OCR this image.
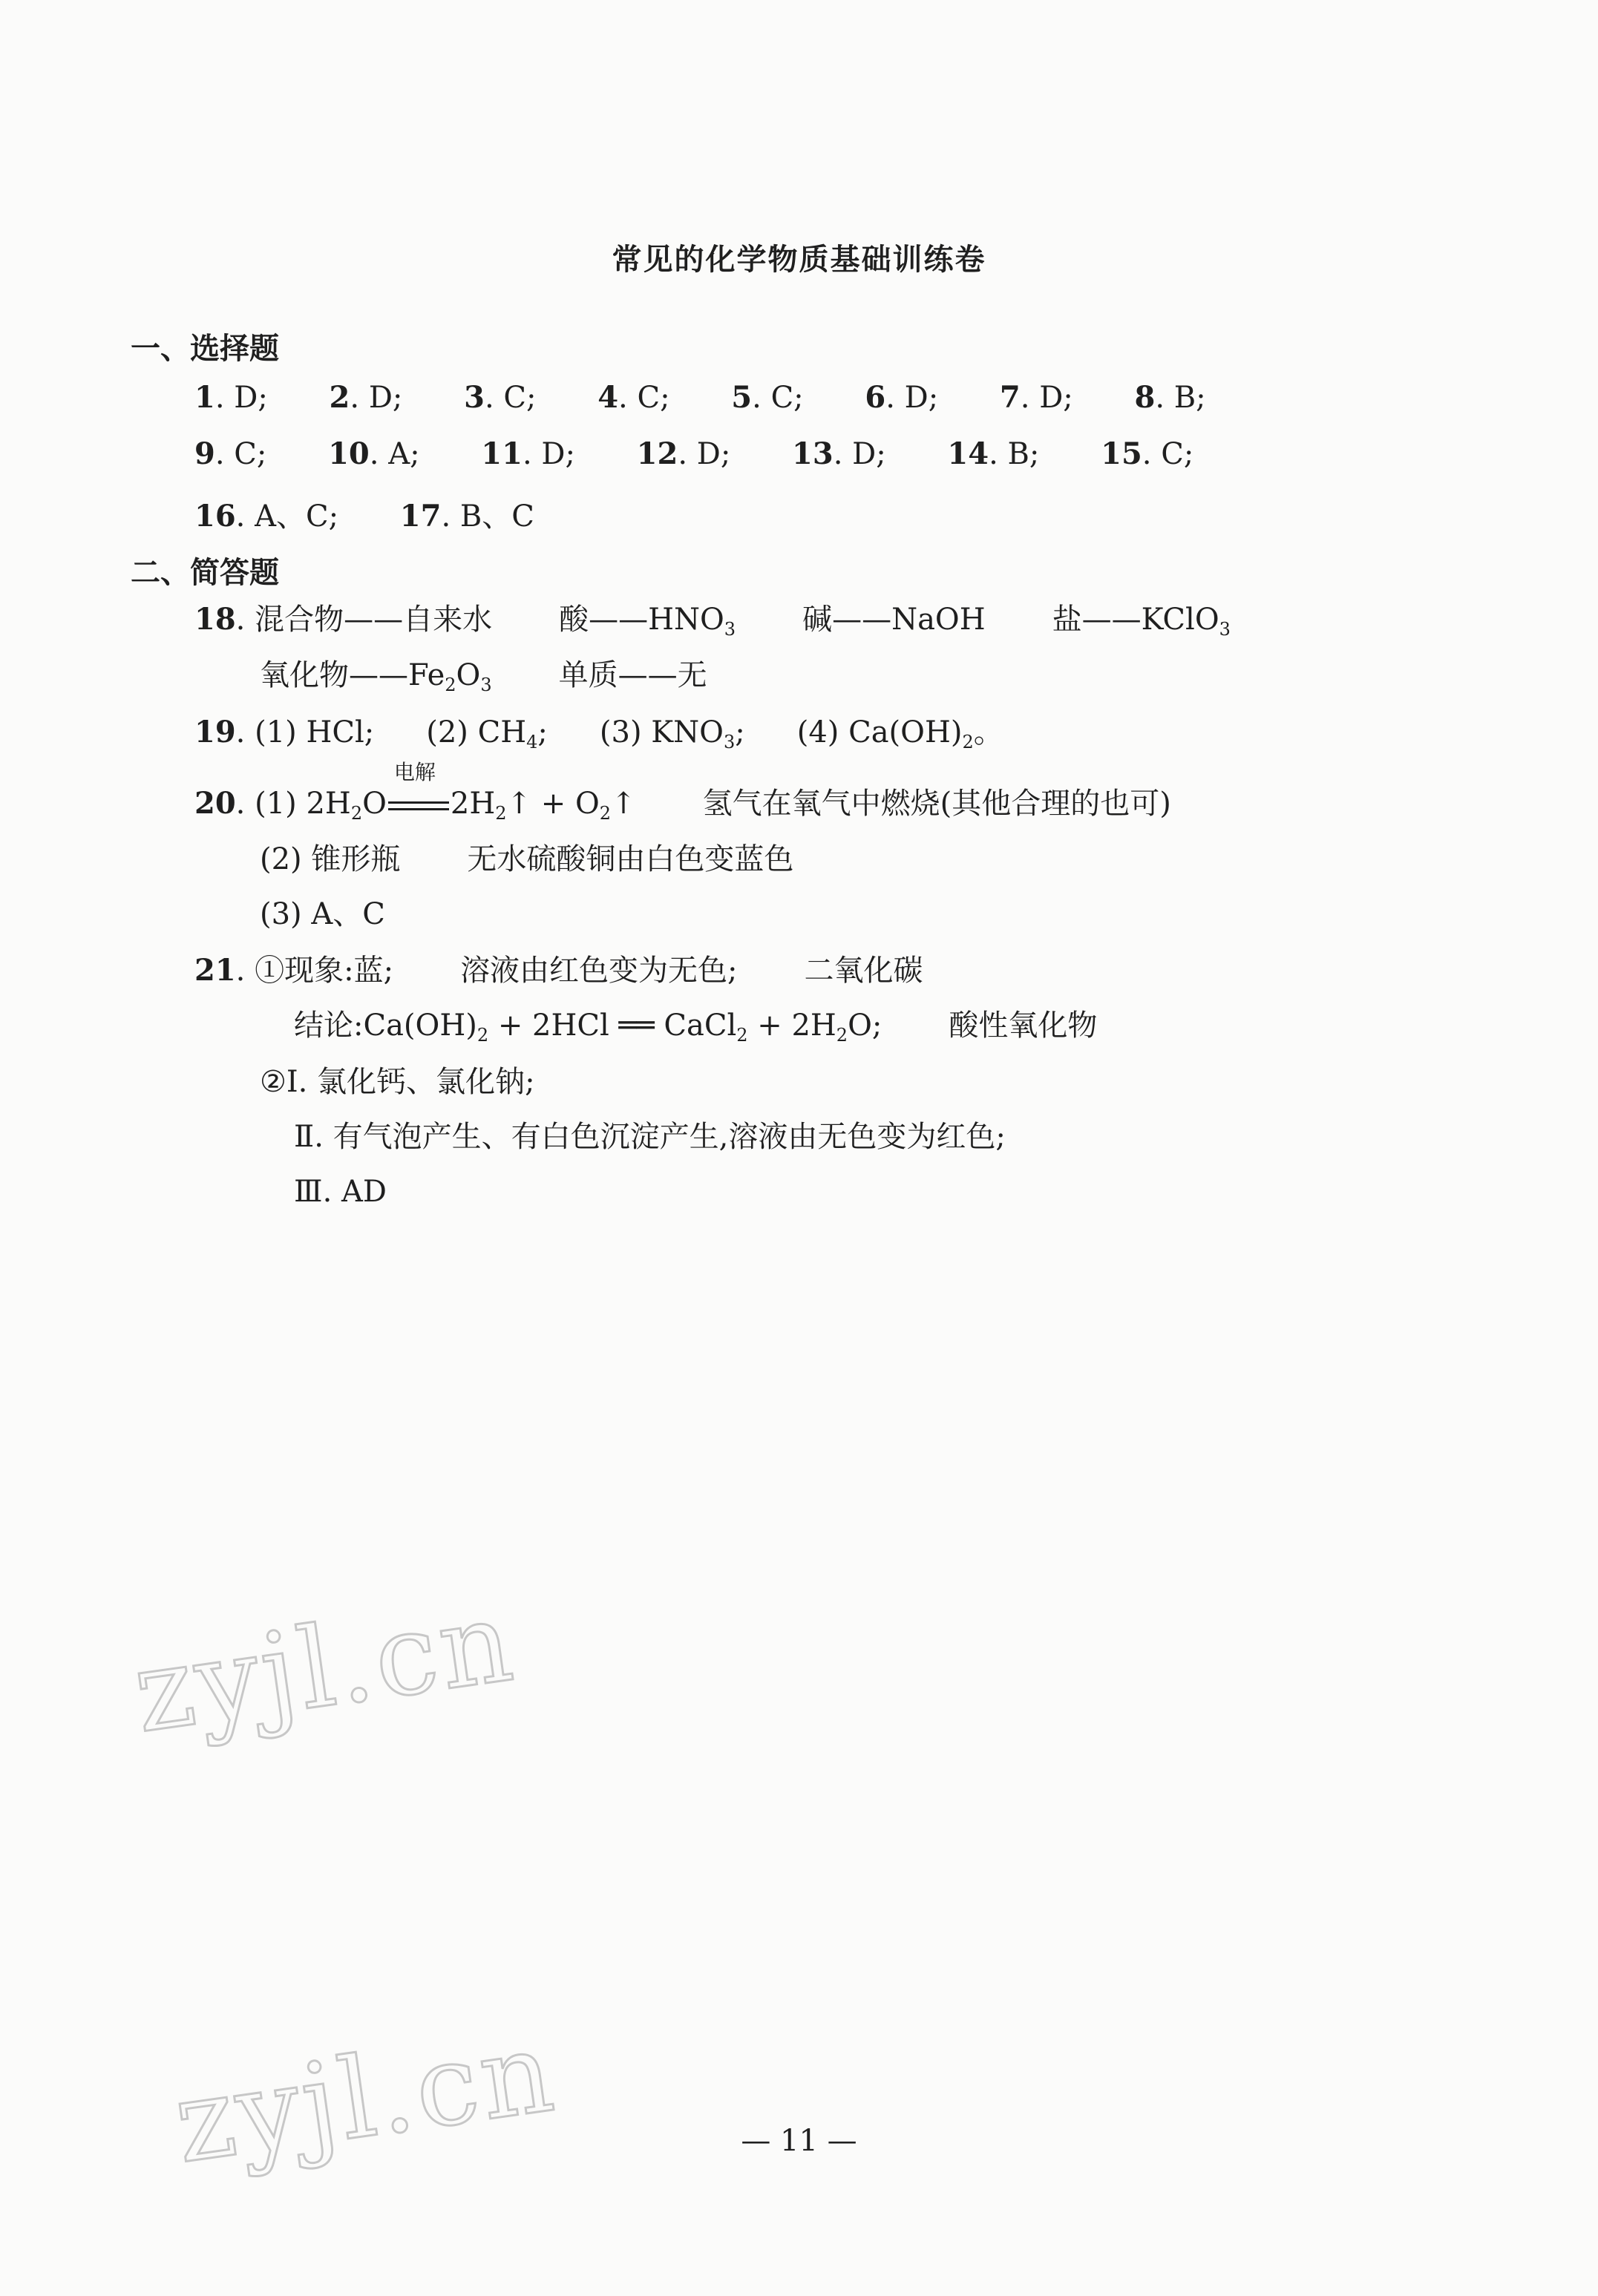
常见的化学物质基础训练卷
一、选择题
1. D; 2. D; 3. C; 4. C; 5. C; 6. D; 7. D; 8. B;
9. C; 10. A; 11. D; 12. D; 13. D; 14. B; 15. C;
16. A、C; 17. B、C
二、简答题
18. 混合物——自来水 酸$——HNO_3$ 碱——NaOH 盐——KClO$_3$
氧化物$——Fe_2O_3$ 单质——无
19. (1) HCl; (2) $CH_4$; (3) $KNO_3$; (4) $Ca(OH)_2$。
20. (1) $2H_2O$
电解
$2H_2↑$ + $O_2↑$ 氢气在氧气中燃烧(其他合理的也可)
(2) 锥形瓶 无水硫酸铜由白色变蓝色
(3) A、C
21. ①现象:蓝; 溶液由红色变为无色; 二氧化碳
结论$:Ca(OH)_2 + 2HCl$ ══ CaCl$_2$ + $2H_2O$; 酸性氧化物
②Ⅰ. 氯化钙、氯化钠;
Ⅱ. 有气泡产生、有白色沉淀产生,溶液由无色变为红色;
Ⅲ. AD
zyjl.cn
zyjl.cn	— 11 —
